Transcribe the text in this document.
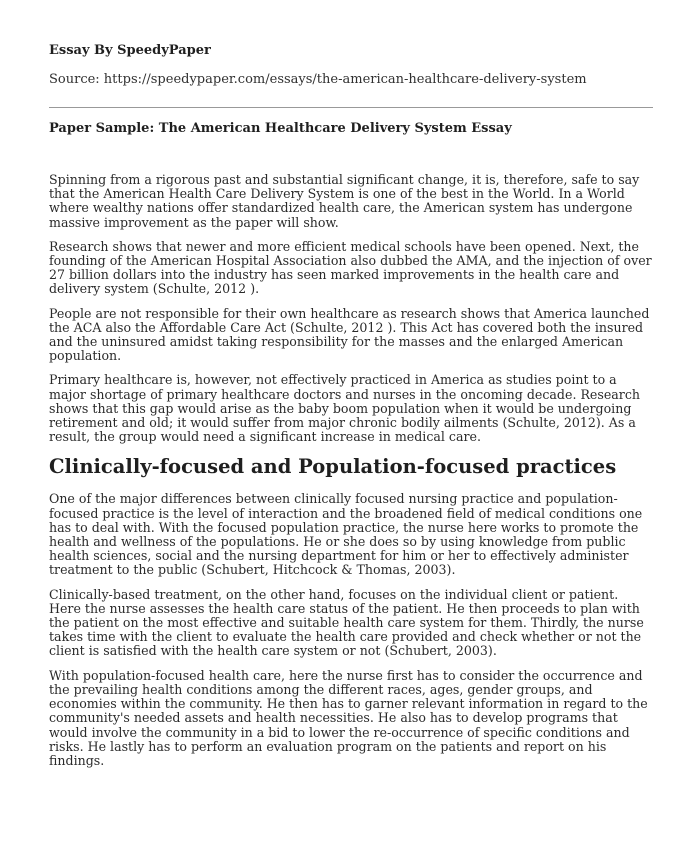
Essay By SpeedyPaper
Source: https://speedypaper.com/essays/the-american-healthcare-delivery-system
Paper Sample: The American Healthcare Delivery System Essay

Spinning from a rigorous past and substantial significant change, it is, therefore, safe to say that the American Health Care Delivery System is one of the best in the World. In a World where wealthy nations offer standardized health care, the American system has undergone massive improvement as the paper will show.

Research shows that newer and more efficient medical schools have been opened. Next, the founding of the American Hospital Association also dubbed the AMA, and the injection of over 27 billion dollars into the industry has seen marked improvements in the health care and delivery system (Schulte, 2012 ).

People are not responsible for their own healthcare as research shows that America launched the ACA also the Affordable Care Act (Schulte, 2012 ). This Act has covered both the insured and the uninsured amidst taking responsibility for the masses and the enlarged American population.

Primary healthcare is, however, not effectively practiced in America as studies point to a major shortage of primary healthcare doctors and nurses in the oncoming decade. Research shows that this gap would arise as the baby boom population when it would be undergoing retirement and old; it would suffer from major chronic bodily ailments (Schulte, 2012). As a result, the group would need a significant increase in medical care.

Clinically-focused and Population-focused practices

One of the major differences between clinically focused nursing practice and population-focused practice is the level of interaction and the broadened field of medical conditions one has to deal with. With the focused population practice, the nurse here works to promote the health and wellness of the populations. He or she does so by using knowledge from public health sciences, social and the nursing department for him or her to effectively administer treatment to the public (Schubert, Hitchcock & Thomas, 2003).

Clinically-based treatment, on the other hand, focuses on the individual client or patient. Here the nurse assesses the health care status of the patient. He then proceeds to plan with the patient on the most effective and suitable health care system for them. Thirdly, the nurse takes time with the client to evaluate the health care provided and check whether or not the client is satisfied with the health care system or not (Schubert, 2003).

With population-focused health care, here the nurse first has to consider the occurrence and the prevailing health conditions among the different races, ages, gender groups, and economies within the community. He then has to garner relevant information in regard to the community's needed assets and health necessities. He also has to develop programs that would involve the community in a bid to lower the re-occurrence of specific conditions and risks. He lastly has to perform an evaluation program on the patients and report on his findings.
